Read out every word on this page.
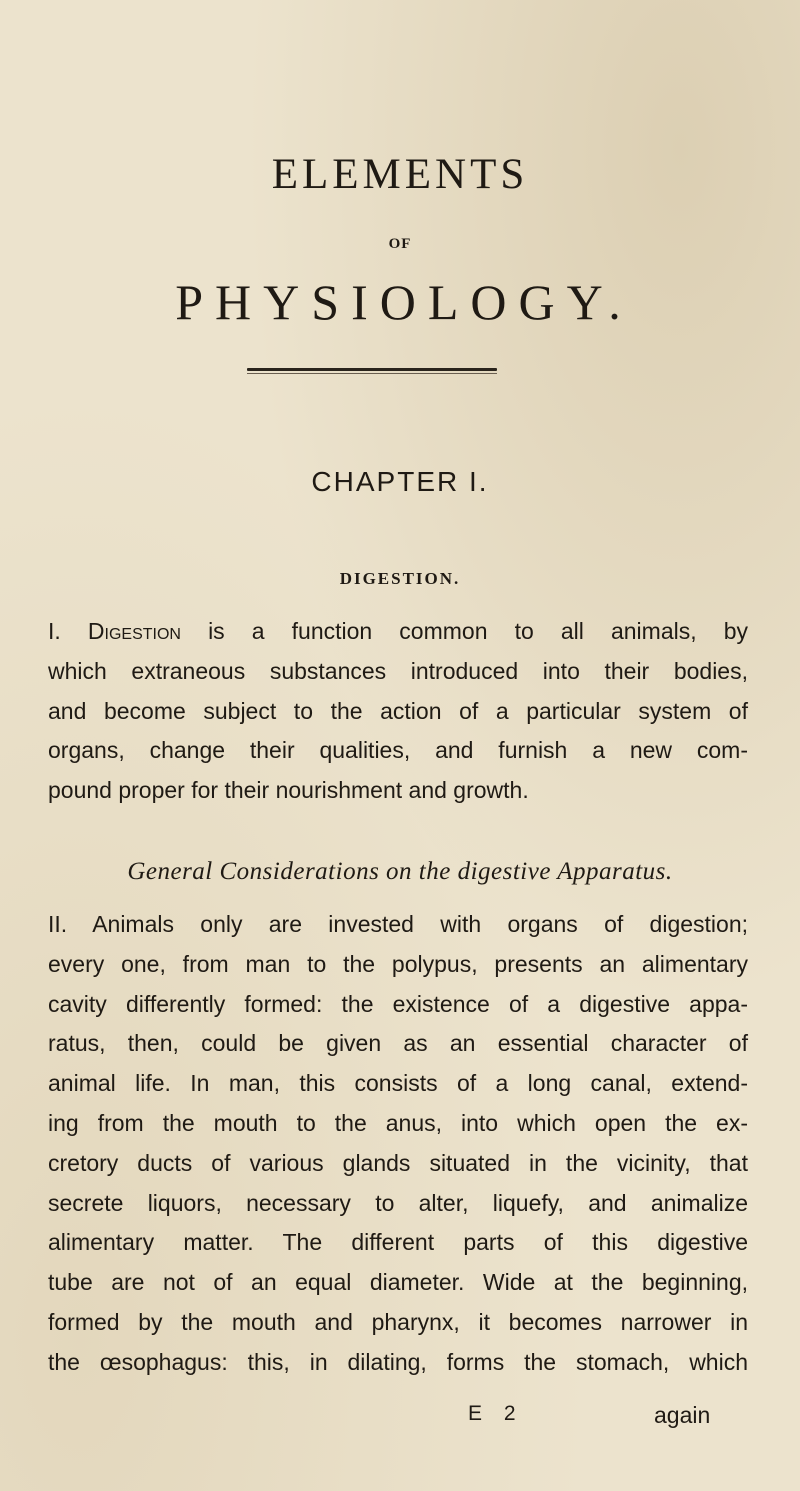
ELEMENTS
OF
PHYSIOLOGY.
CHAPTER I.
DIGESTION.
I. Digestion is a function common to all animals, by
which extraneous substances introduced into their bodies,
and become subject to the action of a particular system of
organs, change their qualities, and furnish a new com-
pound proper for their nourishment and growth.
General Considerations on the digestive Apparatus.
II. Animals only are invested with organs of digestion;
every one, from man to the polypus, presents an alimentary
cavity differently formed: the existence of a digestive appa-
ratus, then, could be given as an essential character of
animal life. In man, this consists of a long canal, extend-
ing from the mouth to the anus, into which open the ex-
cretory ducts of various glands situated in the vicinity, that
secrete liquors, necessary to alter, liquefy, and animalize
alimentary matter. The different parts of this digestive
tube are not of an equal diameter. Wide at the beginning,
formed by the mouth and pharynx, it becomes narrower in
the œsophagus: this, in dilating, forms the stomach, which
E 2	again
